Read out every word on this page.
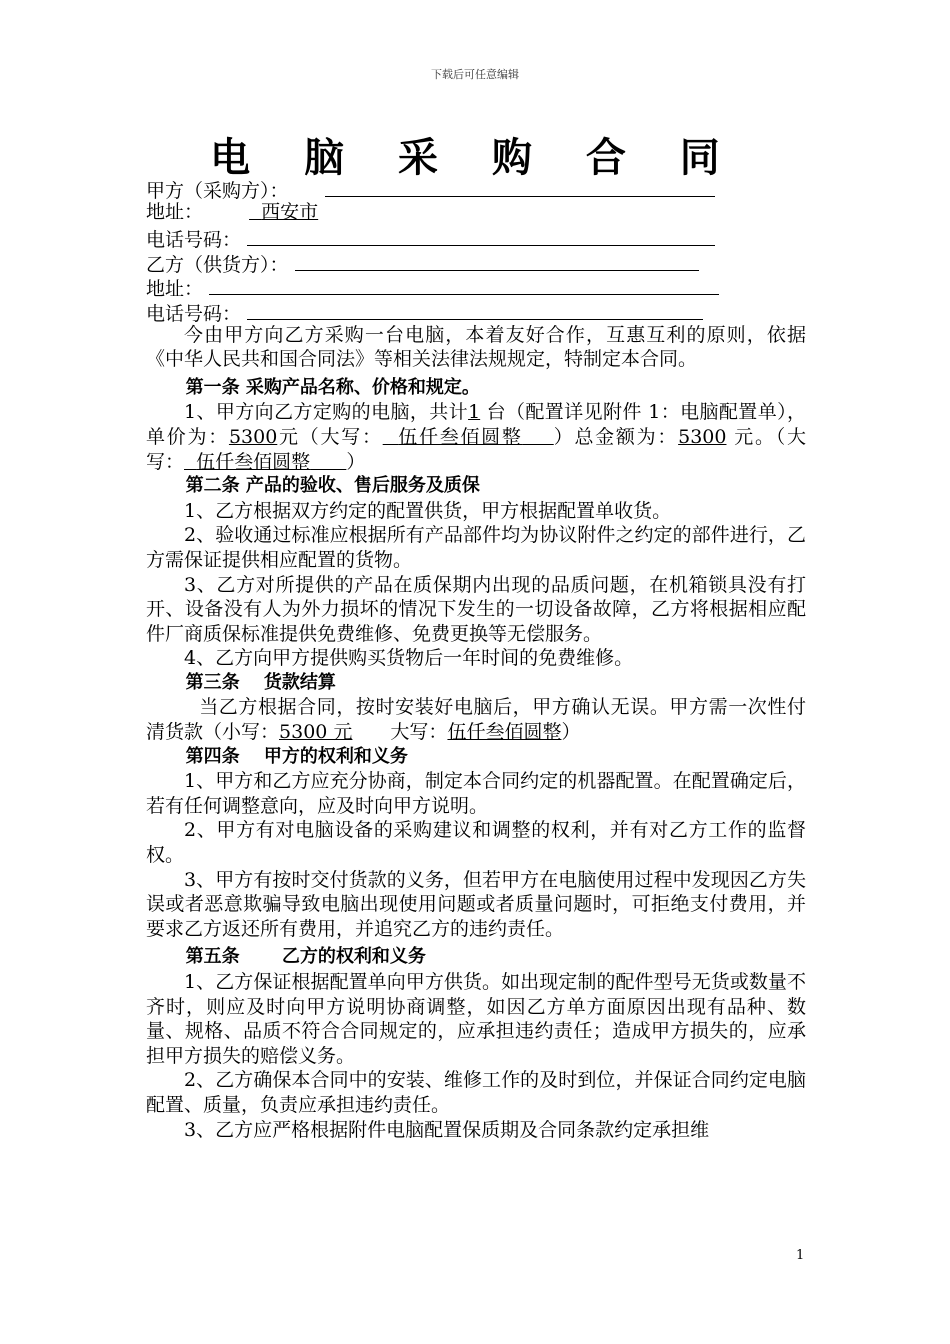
下载后可任意编辑
电 脑 采 购 合 同
甲方（采购方）：
地址：	西安市
电话号码：
乙方（供货方）：
地址：
电话号码：

今由甲方向乙方采购一台电脑，本着友好合作，互惠互利的原则，依据《中华人民共和国合同法》等相关法律法规规定，特制定本合同。

第一条 采购产品名称、价格和规定。

1、甲方向乙方定购的电脑，共计1 台（配置详见附件 1：电脑配置单），单价为：5300元（大写： 伍仟叁佰圆整 ）总金额为：5300 元。（大写： 伍仟叁佰圆整 ）

第二条 产品的验收、售后服务及质保

1、乙方根据双方约定的配置供货，甲方根据配置单收货。

2、验收通过标准应根据所有产品部件均为协议附件之约定的部件进行，乙方需保证提供相应配置的货物。

3、乙方对所提供的产品在质保期内出现的品质问题，在机箱锁具没有打开、设备没有人为外力损坏的情况下发生的一切设备故障，乙方将根据相应配件厂商质保标准提供免费维修、免费更换等无偿服务。

4、乙方向甲方提供购买货物后一年时间的免费维修。

第三条 　货款结算

当乙方根据合同，按时安装好电脑后，甲方确认无误。甲方需一次性付清货款（小写：5300 元　　大写：伍仟叁佰圆整）

第四条 　甲方的权利和义务

1、甲方和乙方应充分协商，制定本合同约定的机器配置。在配置确定后，若有任何调整意向，应及时向甲方说明。

2、甲方有对电脑设备的采购建议和调整的权利，并有对乙方工作的监督权。

3、甲方有按时交付货款的义务，但若甲方在电脑使用过程中发现因乙方失误或者恶意欺骗导致电脑出现使用问题或者质量问题时，可拒绝支付费用，并要求乙方返还所有费用，并追究乙方的违约责任。

第五条 　　乙方的权利和义务

1、乙方保证根据配置单向甲方供货。如出现定制的配件型号无货或数量不齐时，则应及时向甲方说明协商调整，如因乙方单方面原因出现有品种、数量、规格、品质不符合合同规定的，应承担违约责任；造成甲方损失的，应承担甲方损失的赔偿义务。

2、乙方确保本合同中的安装、维修工作的及时到位，并保证合同约定电脑配置、质量，负责应承担违约责任。

3、乙方应严格根据附件电脑配置保质期及合同条款约定承担维

1
